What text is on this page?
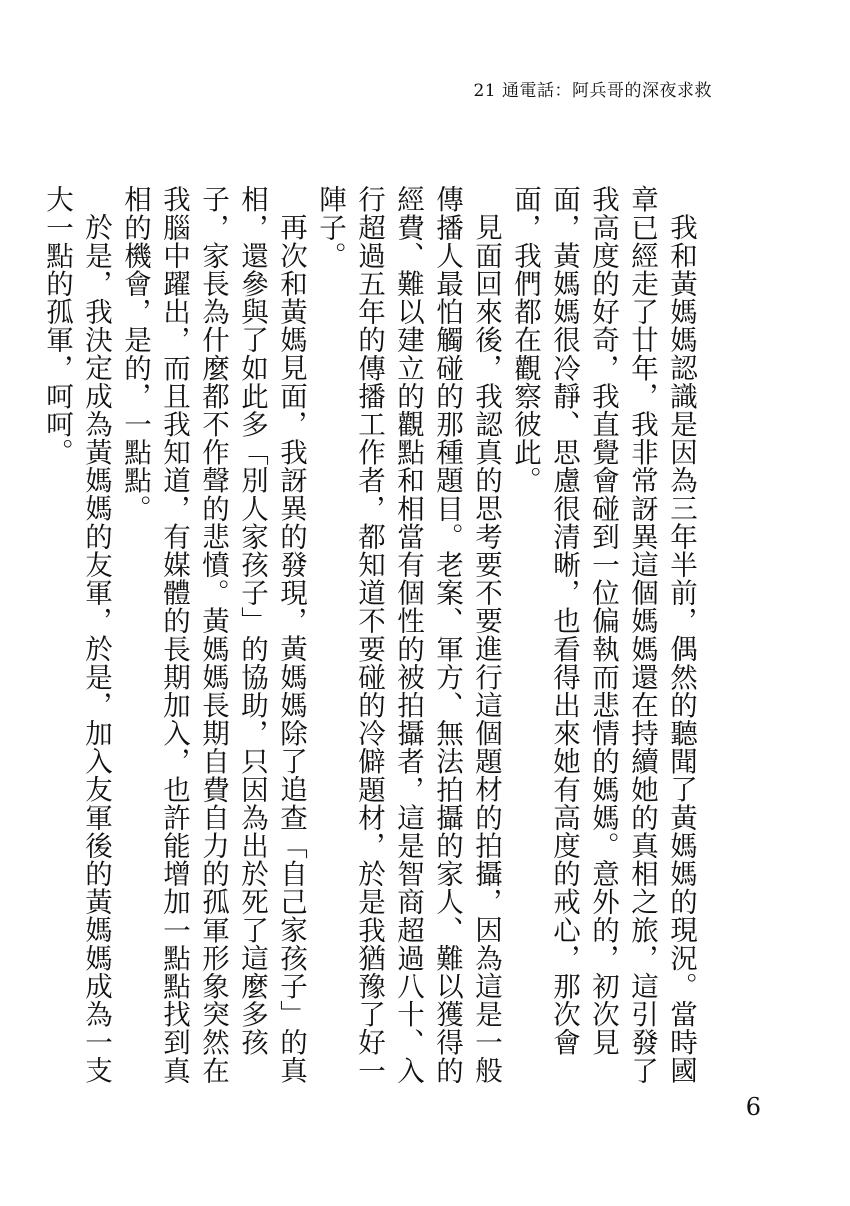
21 通電話：阿兵哥的深夜求救

我和黃媽媽認識是因為三年半前，偶然的聽聞了黃媽媽的現況。當時國章已經走了廿年，我非常訝異這個媽媽還在持續她的真相之旅，這引發了我高度的好奇，我直覺會碰到一位偏執而悲情的媽媽。意外的，初次見面，黃媽媽很冷靜、思慮很清晰，也看得出來她有高度的戒心，那次會面，我們都在觀察彼此。

見面回來後，我認真的思考要不要進行這個題材的拍攝，因為這是一般傳播人最怕觸碰的那種題目。老案、軍方、無法拍攝的家人、難以獲得的經費、難以建立的觀點和相當有個性的被拍攝者，這是智商超過八十、入行超過五年的傳播工作者，都知道不要碰的冷僻題材，於是我猶豫了好一陣子。

再次和黃媽見面，我訝異的發現，黃媽媽除了追查「自己家孩子」的真相，還參與了如此多「別人家孩子」的協助，只因為出於死了這麼多孩子，家長為什麼都不作聲的悲憤。黃媽媽長期自費自力的孤軍形象突然在我腦中躍出，而且我知道，有媒體的長期加入，也許能增加一點點找到真相的機會，是的，一點點。

於是，我決定成為黃媽媽的友軍，於是，加入友軍後的黃媽媽成為一支大一點的孤軍，呵呵。

6
